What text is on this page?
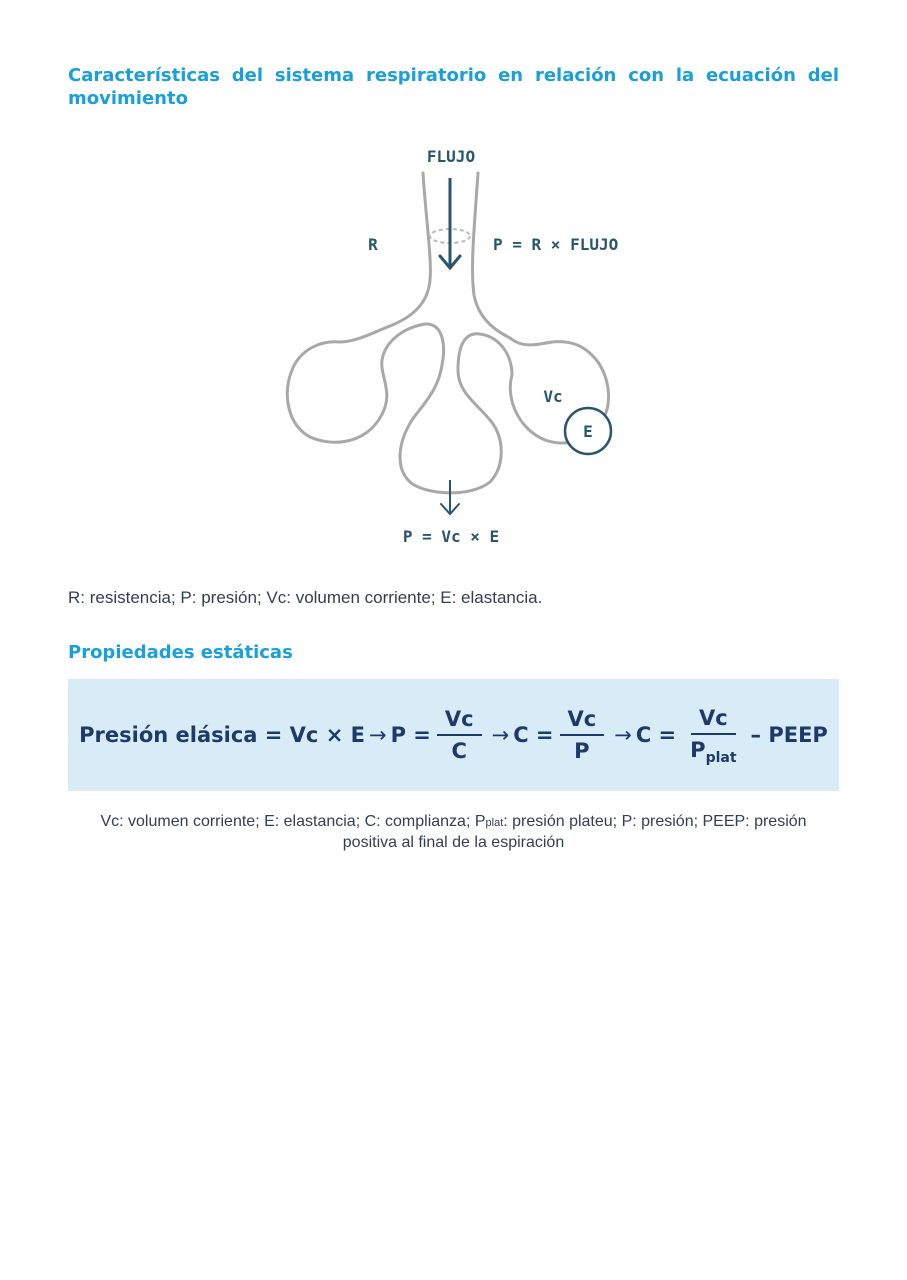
Características del sistema respiratorio en relación con la ecuación del movimiento
FLUJO
R	P = R × FLUJO
Vc
E
P = Vc × E
R: resistencia; P: presión; Vc: volumen corriente; E: elastancia.
Propiedades estáticas
Presión elásica = $Vc \times E \to P = \frac{Vc}{C} \to C = \frac{Vc}{P} \to C = \frac{Vc}{P_{plat}}$ – PEEP
Vc: volumen corriente; E: elastancia; C: complianza; Pplat: presión plateu; P: presión; PEEP: presión positiva al final de la espiración
